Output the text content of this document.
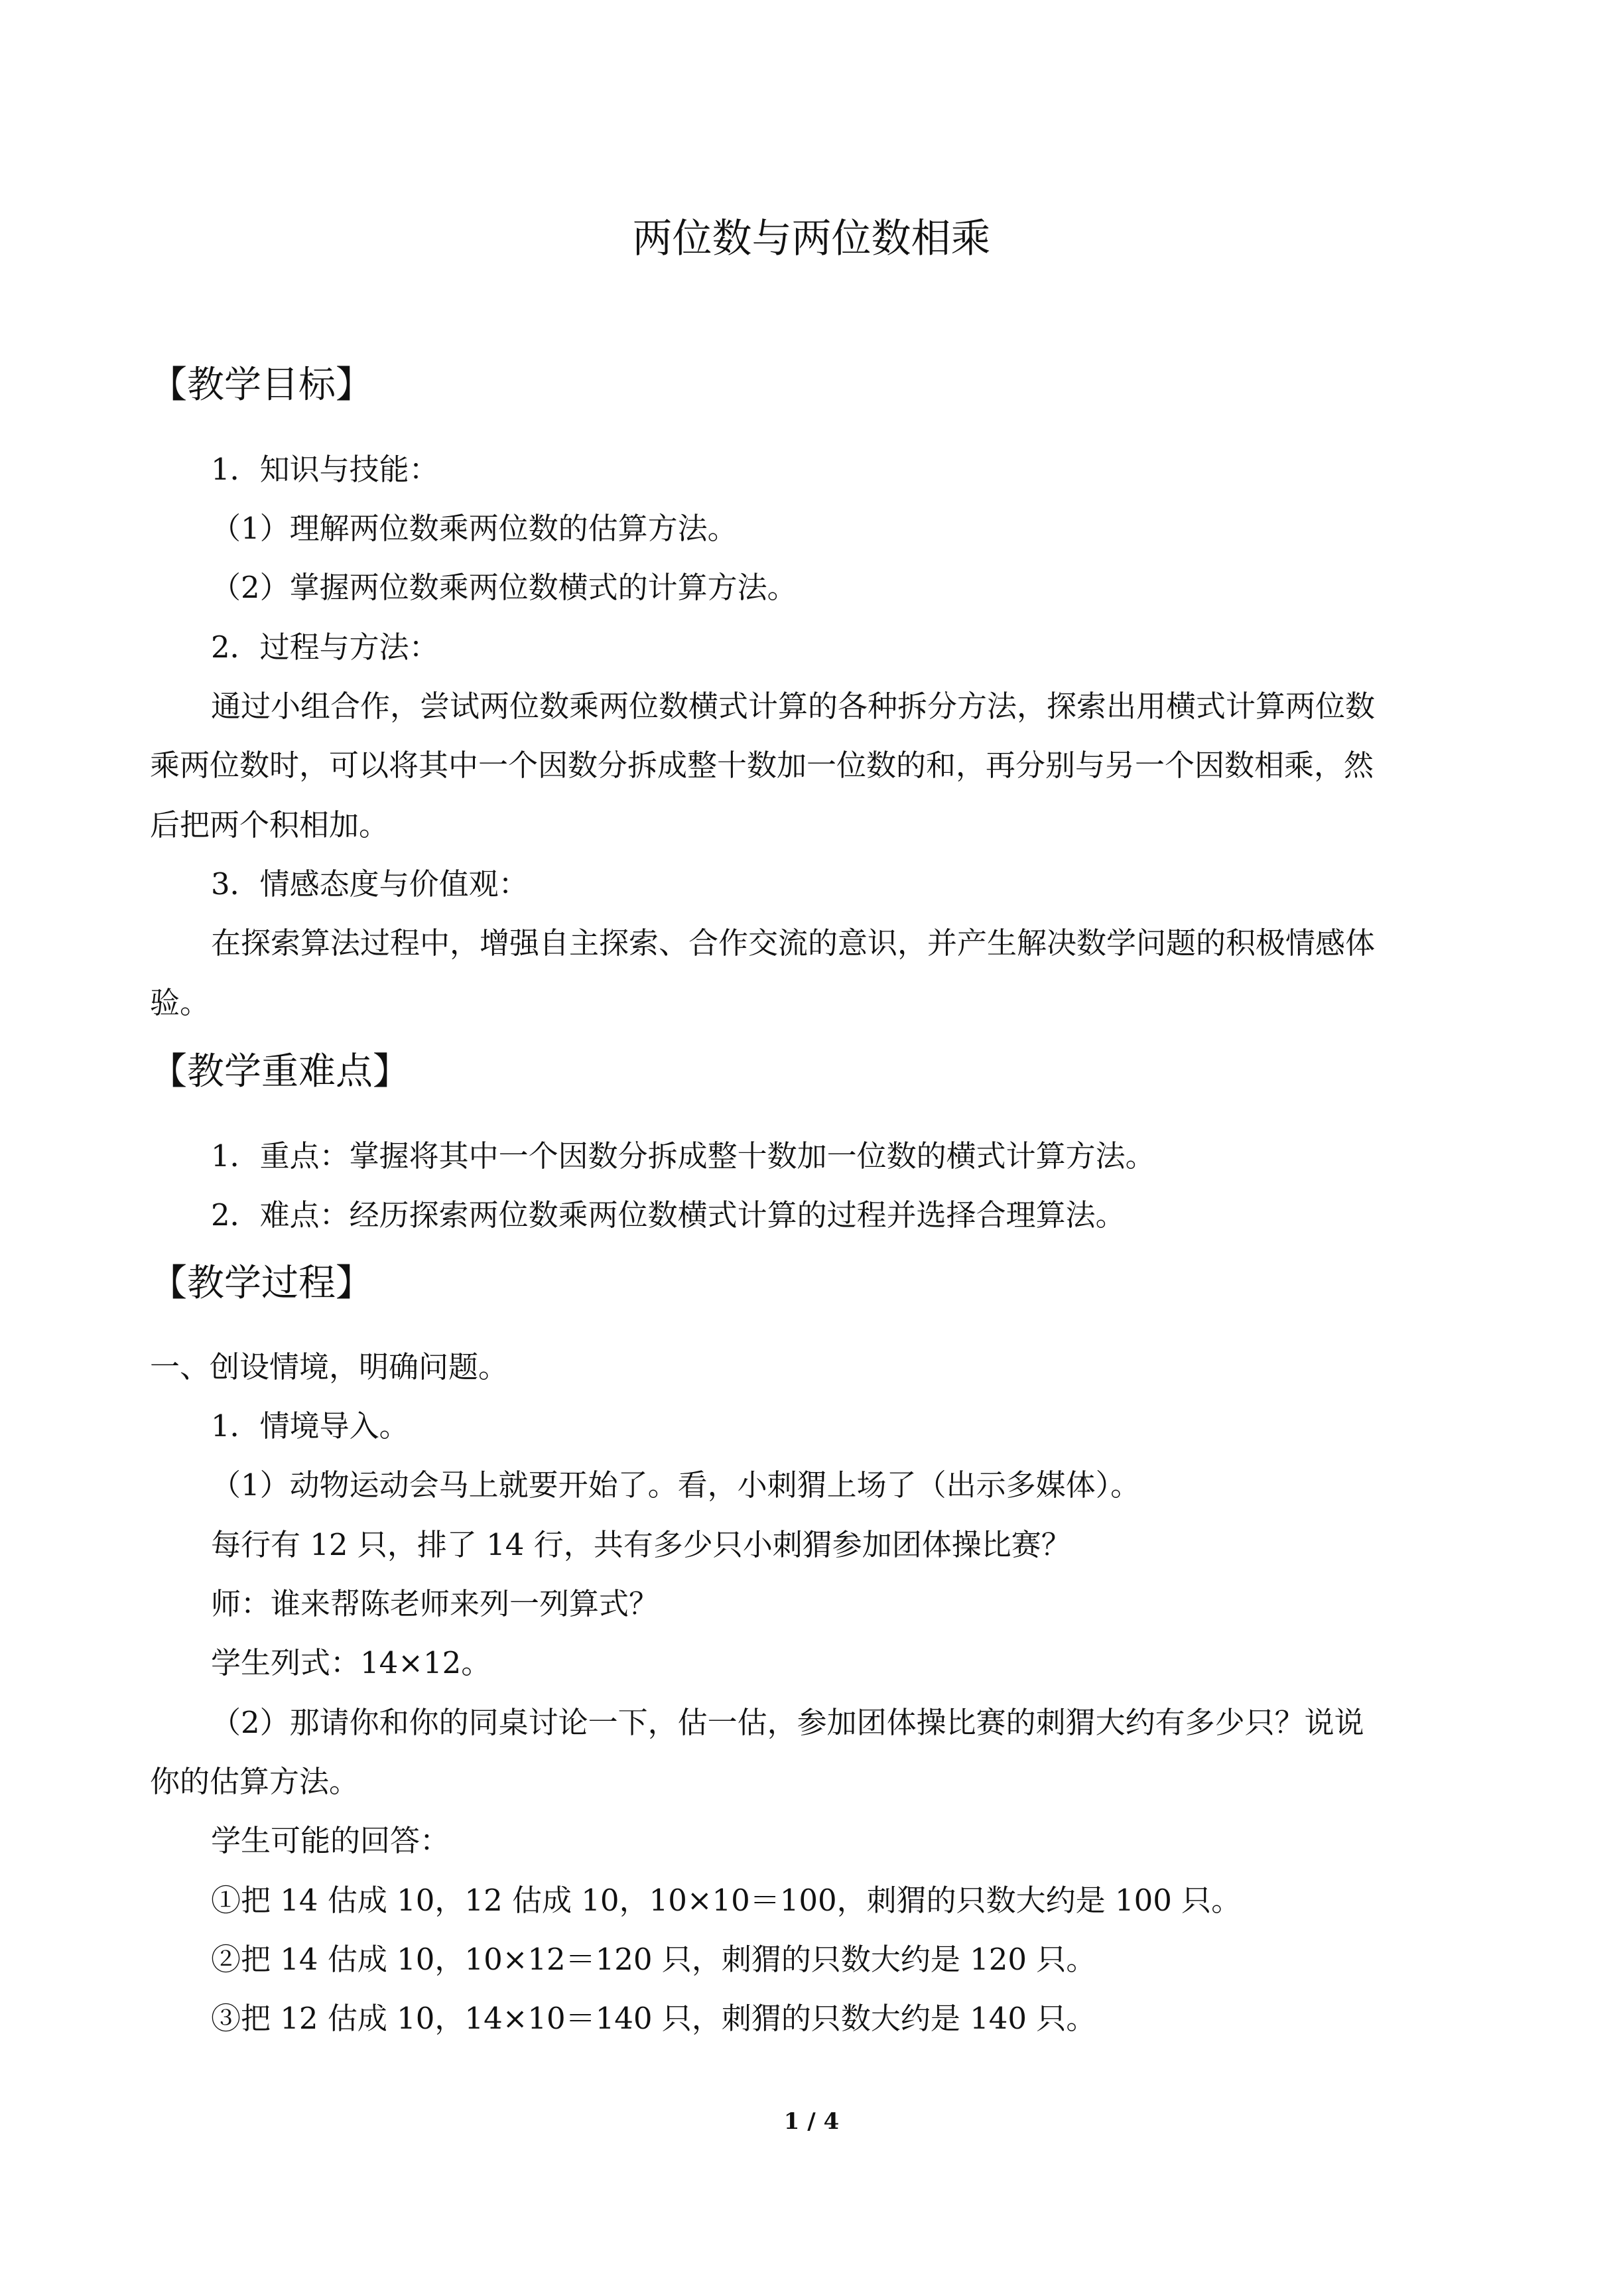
两位数与两位数相乘
【教学目标】
1．知识与技能：
（1）理解两位数乘两位数的估算方法。
（2）掌握两位数乘两位数横式的计算方法。
2．过程与方法：
通过小组合作，尝试两位数乘两位数横式计算的各种拆分方法，探索出用横式计算两位数
乘两位数时，可以将其中一个因数分拆成整十数加一位数的和，再分别与另一个因数相乘，然
后把两个积相加。
3．情感态度与价值观：
在探索算法过程中，增强自主探索、合作交流的意识，并产生解决数学问题的积极情感体
验。
【教学重难点】
1．重点：掌握将其中一个因数分拆成整十数加一位数的横式计算方法。
2．难点：经历探索两位数乘两位数横式计算的过程并选择合理算法。
【教学过程】
一、创设情境，明确问题。
1．情境导入。
（1）动物运动会马上就要开始了。看，小刺猬上场了（出示多媒体）。
每行有 12 只，排了 14 行，共有多少只小刺猬参加团体操比赛？
师：谁来帮陈老师来列一列算式？
学生列式：14×12。
（2）那请你和你的同桌讨论一下，估一估，参加团体操比赛的刺猬大约有多少只？说说
你的估算方法。
学生可能的回答：
①把 14 估成 10，12 估成 10，10×10＝100，刺猬的只数大约是 100 只。
②把 14 估成 10，10×12＝120 只，刺猬的只数大约是 120 只。
③把 12 估成 10，14×10＝140 只，刺猬的只数大约是 140 只。
1 / 4
